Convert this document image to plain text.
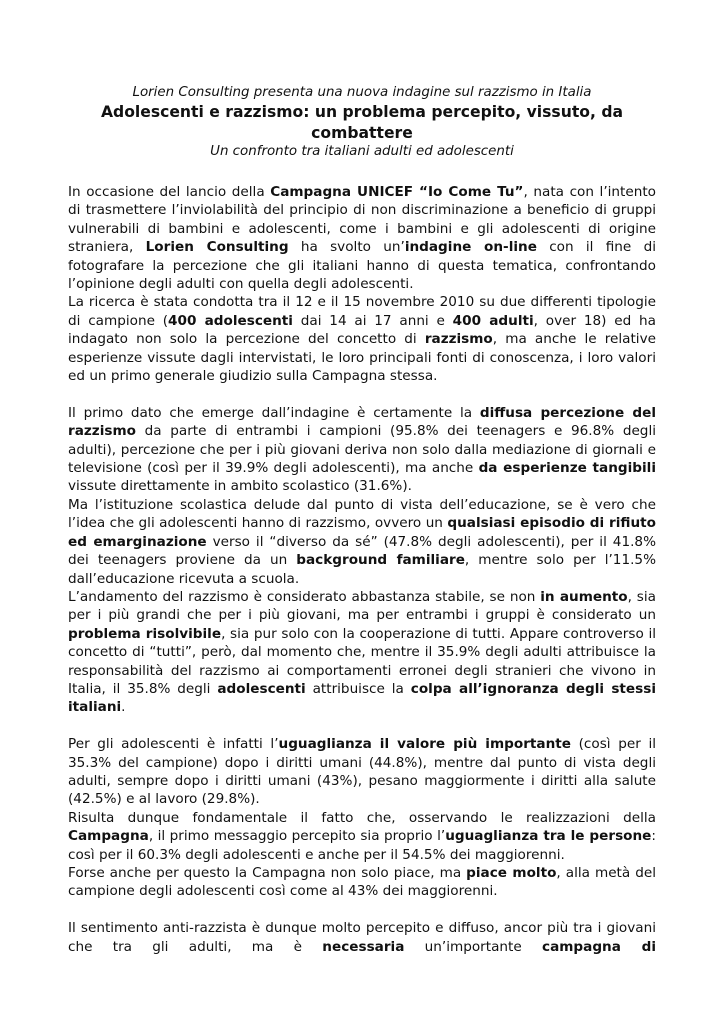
Lorien Consulting presenta una nuova indagine sul razzismo in Italia
Adolescenti e razzismo: un problema percepito, vissuto, da combattere
Un confronto tra italiani adulti ed adolescenti

In occasione del lancio della Campagna UNICEF “Io Come Tu”, nata con l’intento di trasmettere l’inviolabilità del principio di non discriminazione a beneficio di gruppi vulnerabili di bambini e adolescenti, come i bambini e gli adolescenti di origine straniera, Lorien Consulting ha svolto un’indagine on-line con il fine di fotografare la percezione che gli italiani hanno di questa tematica, confrontando l’opinione degli adulti con quella degli adolescenti.

La ricerca è stata condotta tra il 12 e il 15 novembre 2010 su due differenti tipologie di campione (400 adolescenti dai 14 ai 17 anni e 400 adulti, over 18) ed ha indagato non solo la percezione del concetto di razzismo, ma anche le relative esperienze vissute dagli intervistati, le loro principali fonti di conoscenza, i loro valori ed un primo generale giudizio sulla Campagna stessa.

Il primo dato che emerge dall’indagine è certamente la diffusa percezione del razzismo da parte di entrambi i campioni (95.8% dei teenagers e 96.8% degli adulti), percezione che per i più giovani deriva non solo dalla mediazione di giornali e televisione (così per il 39.9% degli adolescenti), ma anche da esperienze tangibili vissute direttamente in ambito scolastico (31.6%).

Ma l’istituzione scolastica delude dal punto di vista dell’educazione, se è vero che l’idea che gli adolescenti hanno di razzismo, ovvero un qualsiasi episodio di rifiuto ed emarginazione verso il “diverso da sé” (47.8% degli adolescenti), per il 41.8% dei teenagers proviene da un background familiare, mentre solo per l’11.5% dall’educazione ricevuta a scuola.

L’andamento del razzismo è considerato abbastanza stabile, se non in aumento, sia per i più grandi che per i più giovani, ma per entrambi i gruppi è considerato un problema risolvibile, sia pur solo con la cooperazione di tutti. Appare controverso il concetto di “tutti”, però, dal momento che, mentre il 35.9% degli adulti attribuisce la responsabilità del razzismo ai comportamenti erronei degli stranieri che vivono in Italia, il 35.8% degli adolescenti attribuisce la colpa all’ignoranza degli stessi italiani.

Per gli adolescenti è infatti l’uguaglianza il valore più importante (così per il 35.3% del campione) dopo i diritti umani (44.8%), mentre dal punto di vista degli adulti, sempre dopo i diritti umani (43%), pesano maggiormente i diritti alla salute (42.5%) e al lavoro (29.8%).

Risulta dunque fondamentale il fatto che, osservando le realizzazioni della Campagna, il primo messaggio percepito sia proprio l’uguaglianza tra le persone: così per il 60.3% degli adolescenti e anche per il 54.5% dei maggiorenni.

Forse anche per questo la Campagna non solo piace, ma piace molto, alla metà del campione degli adolescenti così come al 43% dei maggiorenni.

Il sentimento anti-razzista è dunque molto percepito e diffuso, ancor più tra i giovani che tra gli adulti, ma è necessaria un’importante campagna di
